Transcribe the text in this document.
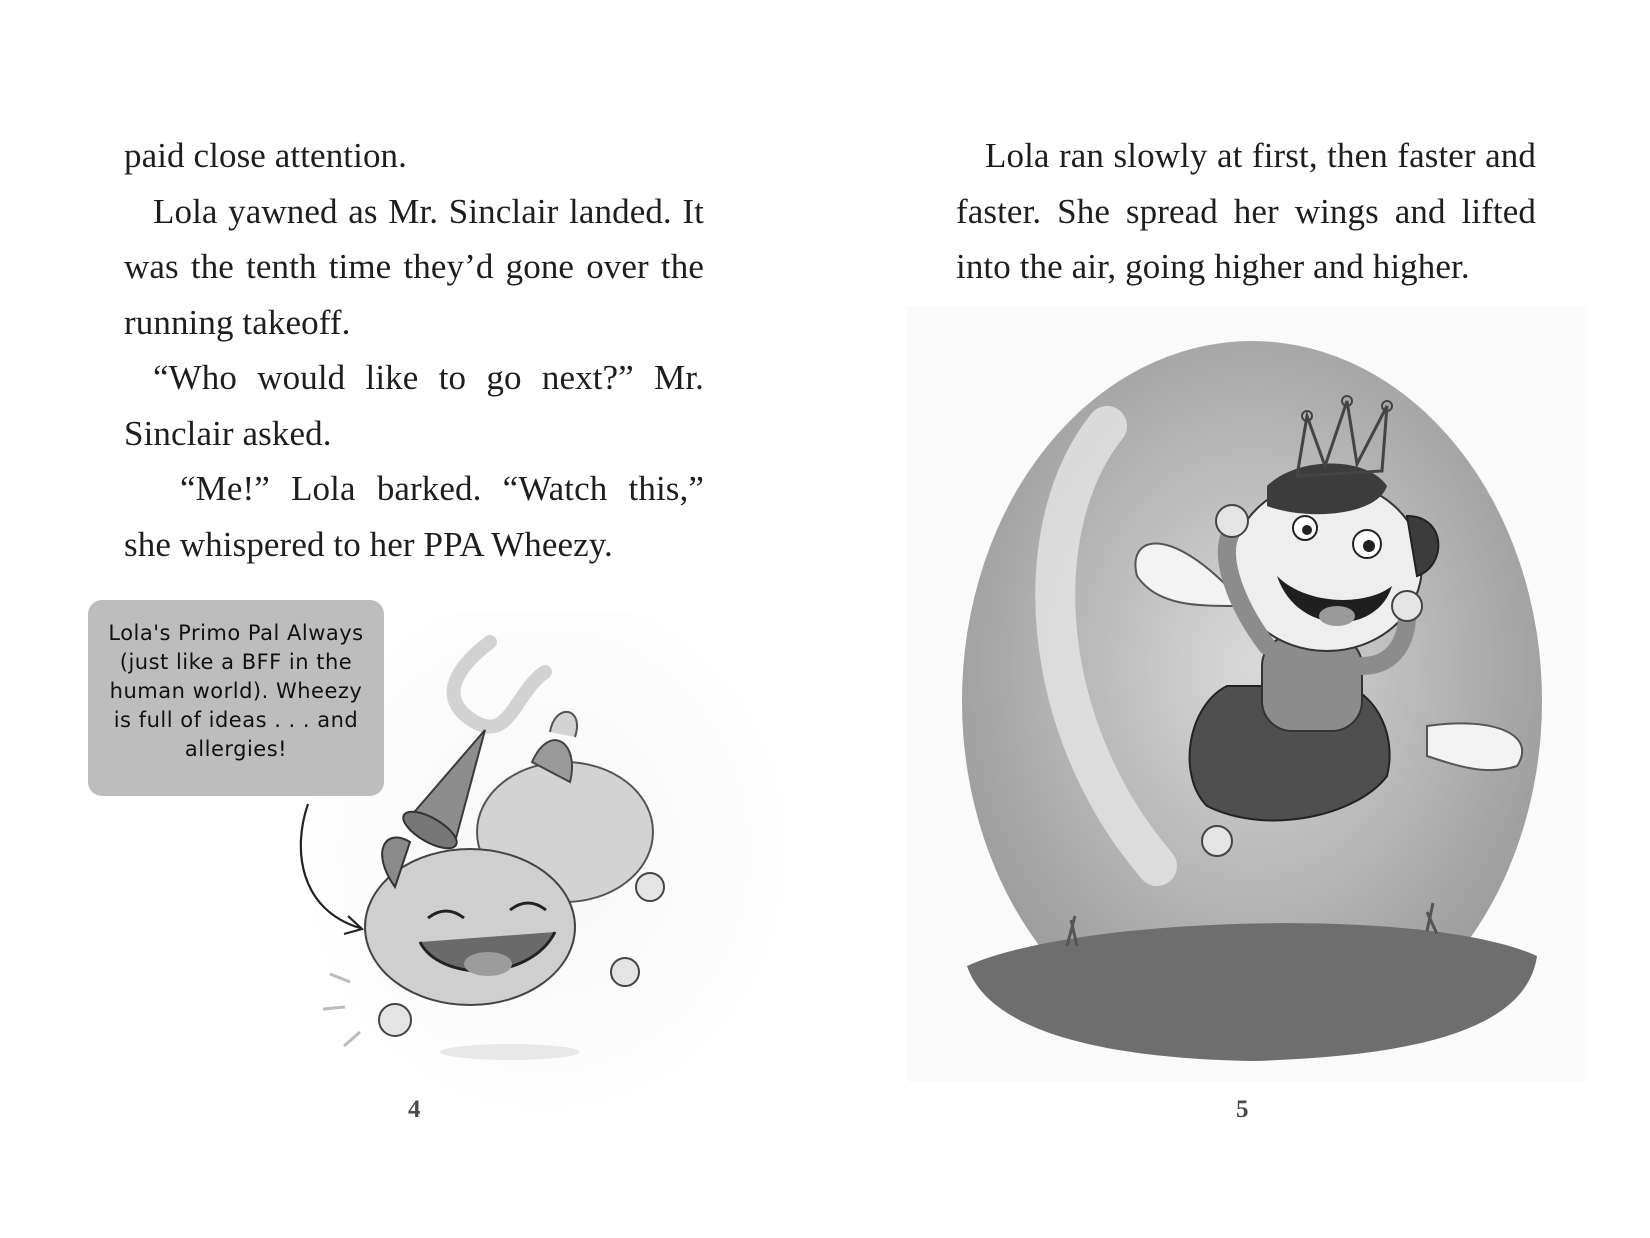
paid close attention.

Lola yawned as Mr. Sinclair landed. It was the tenth time they’d gone over the running takeoff.

“Who would like to go next?” Mr. Sinclair asked.

“Me!” Lola barked. “Watch this,” she whispered to her PPA Wheezy.

Lola's Primo Pal Always (just like a BFF in the human world). Wheezy is full of ideas . . . and allergies!
4

Lola ran slowly at first, then faster and faster. She spread her wings and lifted into the air, going higher and higher.

5
